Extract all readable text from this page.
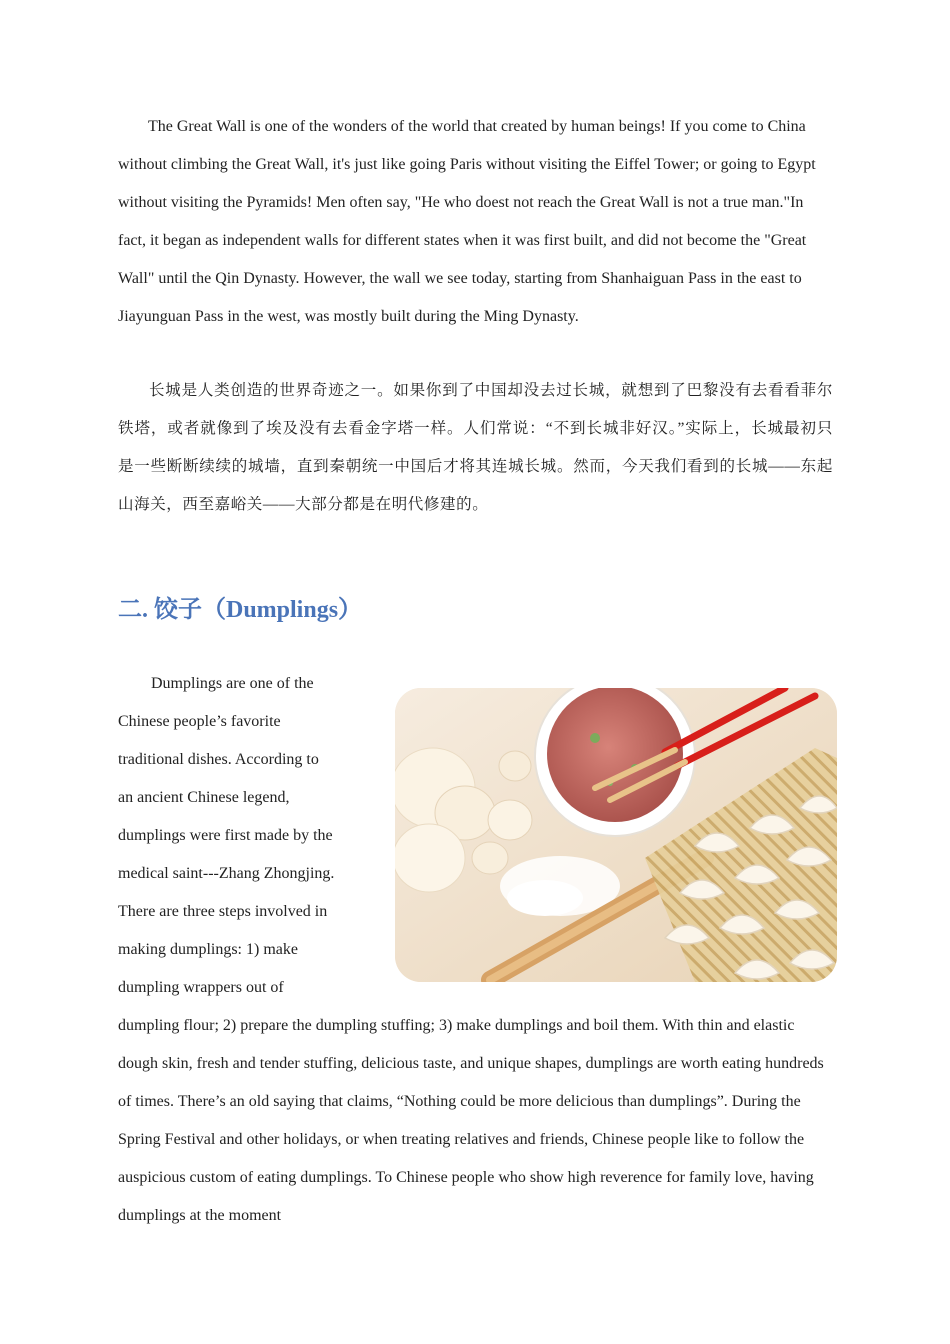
The Great Wall is one of the wonders of the world that created by human beings! If you come to China without climbing the Great Wall, it's just like going Paris without visiting the Eiffel Tower; or going to Egypt without visiting the Pyramids! Men often say, "He who doest not reach the Great Wall is not a true man."In fact, it began as independent walls for different states when it was first built, and did not become the "Great Wall" until the Qin Dynasty. However, the wall we see today, starting from Shanhaiguan Pass in the east to Jiayunguan Pass in the west, was mostly built during the Ming Dynasty.

长城是人类创造的世界奇迹之一。如果你到了中国却没去过长城，就想到了巴黎没有去看看菲尔铁塔，或者就像到了埃及没有去看金字塔一样。人们常说：“不到长城非好汉。”实际上，长城最初只是一些断断续续的城墙，直到秦朝统一中国后才将其连城长城。然而，今天我们看到的长城——东起山海关，西至嘉峪关——大部分都是在明代修建的。

二. 饺子（Dumplings）
Dumplings are one of the
Chinese people’s favorite
traditional dishes. According to
an ancient Chinese legend,
dumplings were first made by the
medical saint---Zhang Zhongjing.
There are three steps involved in
making dumplings: 1) make
dumpling wrappers out of

dumpling flour; 2) prepare the dumpling stuffing; 3) make dumplings and boil them. With thin and elastic dough skin, fresh and tender stuffing, delicious taste, and unique shapes, dumplings are worth eating hundreds of times. There’s an old saying that claims, “Nothing could be more delicious than dumplings”. During the Spring Festival and other holidays, or when treating relatives and friends, Chinese people like to follow the auspicious custom of eating dumplings. To Chinese people who show high reverence for family love, having dumplings at the moment
